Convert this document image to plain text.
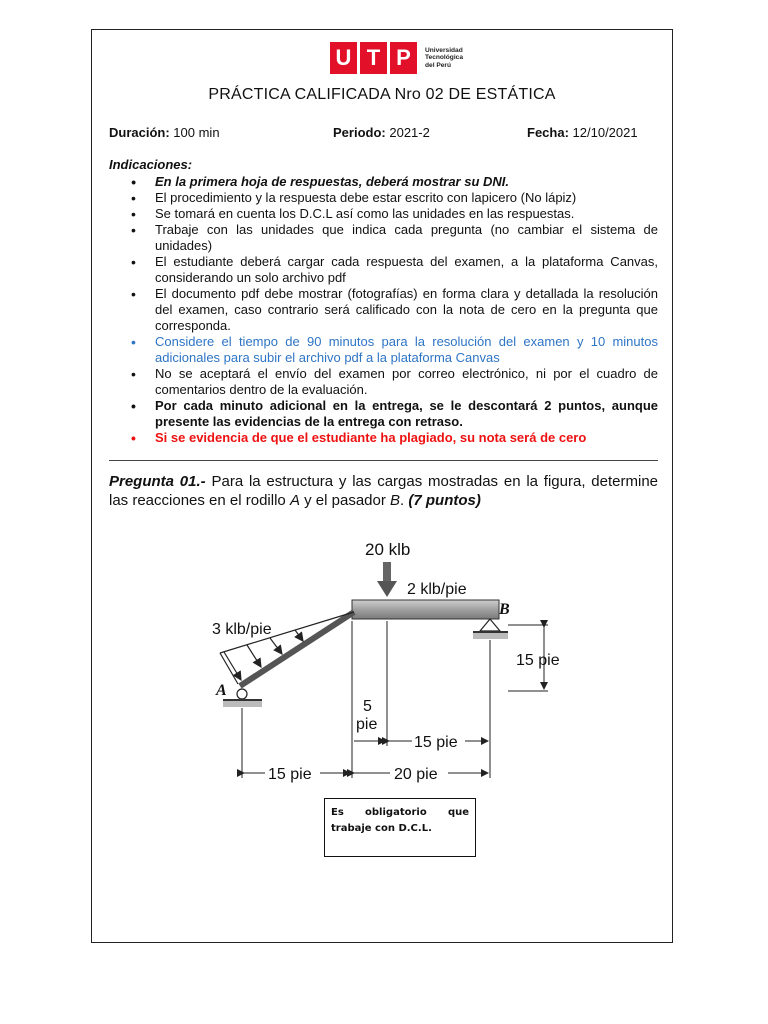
U T P	Universidad
Tecnológica
del Perú
PRÁCTICA CALIFICADA Nro 02 DE ESTÁTICA
Duración: 100 min	Periodo: 2021-2	Fecha: 12/10/2021
Indicaciones:
• En la primera hoja de respuestas, deberá mostrar su DNI.
• El procedimiento y la respuesta debe estar escrito con lapicero (No lápiz)
• Se tomará en cuenta los D.C.L así como las unidades en las respuestas.
• Trabaje con las unidades que indica cada pregunta (no cambiar el sistema de unidades)
• El estudiante deberá cargar cada respuesta del examen, a la plataforma Canvas, considerando un solo archivo pdf
• El documento pdf debe mostrar (fotografías) en forma clara y detallada la resolución del examen, caso contrario será calificado con la nota de cero en la pregunta que corresponda.
• Considere el tiempo de 90 minutos para la resolución del examen y 10 minutos adicionales para subir el archivo pdf a la plataforma Canvas
• No se aceptará el envío del examen por correo electrónico, ni por el cuadro de comentarios dentro de la evaluación.
• Por cada minuto adicional en la entrega, se le descontará 2 puntos, aunque presente las evidencias de la entrega con retraso.
• Si se evidencia de que el estudiante ha plagiado, su nota será de cero
Pregunta 01.- Para la estructura y las cargas mostradas en la figura, determine las reacciones en el rodillo A y el pasador B. (7 puntos)
20 klb
2 klb/pie
3 klb/pie
A
B
15 pie
5
pie
15 pie
15 pie	20 pie
Es obligatorio que
trabaje con D.C.L.
